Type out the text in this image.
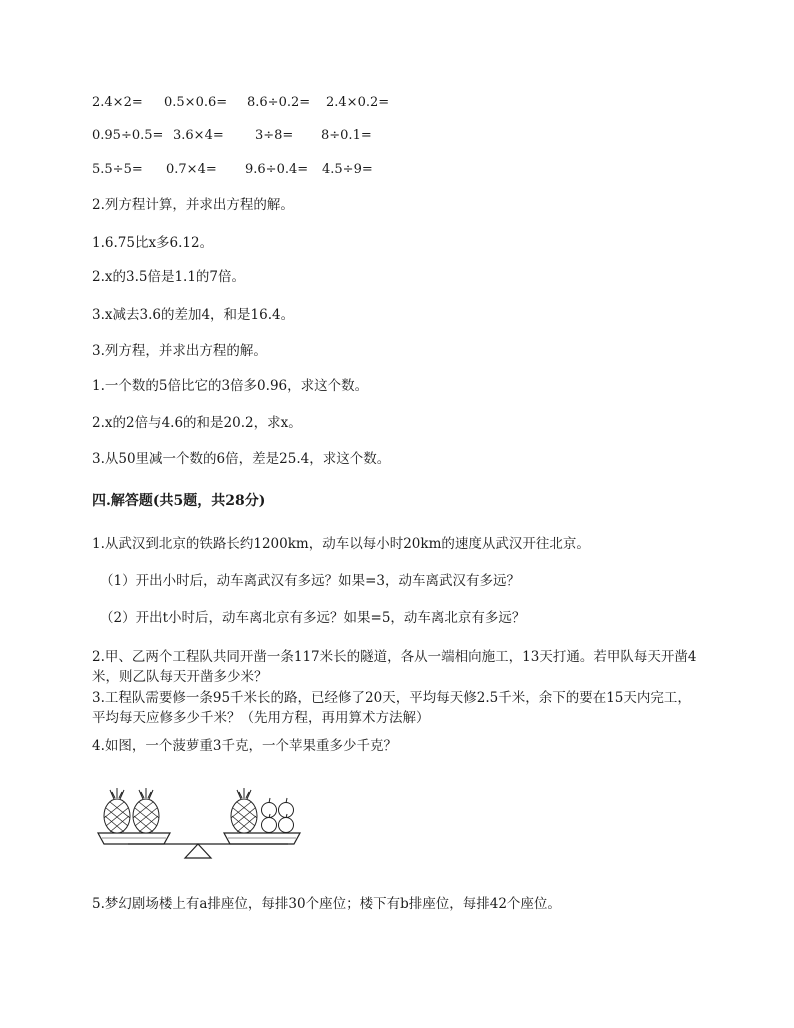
2.4×2= 0.5×0.6= 8.6÷0.2= 2.4×0.2=
0.95÷0.5= 3.6×4= 3÷8= 8÷0.1=
5.5÷5= 0.7×4= 9.6÷0.4= 4.5÷9=
2.列方程计算，并求出方程的解。
1.6.75比x多6.12。
2.x的3.5倍是1.1的7倍。
3.x减去3.6的差加4，和是16.4。
3.列方程，并求出方程的解。
1.一个数的5倍比它的3倍多0.96，求这个数。
2.x的2倍与4.6的和是20.2，求x。
3.从50里减一个数的6倍，差是25.4，求这个数。
四.解答题(共5题，共28分)
1.从武汉到北京的铁路长约1200km，动车以每小时20km的速度从武汉开往北京。
（1）开出小时后，动车离武汉有多远？如果=3，动车离武汉有多远？
（2）开出t小时后，动车离北京有多远？如果=5，动车离北京有多远？
2.甲、乙两个工程队共同开凿一条117米长的隧道，各从一端相向施工，13天打通。若甲队每天开凿4米，则乙队每天开凿多少米？
3.工程队需要修一条95千米长的路，已经修了20天，平均每天修2.5千米，余下的要在15天内完工，平均每天应修多少千米？（先用方程，再用算术方法解）
4.如图，一个菠萝重3千克，一个苹果重多少千克？
5.梦幻剧场楼上有a排座位，每排30个座位；楼下有b排座位，每排42个座位。
